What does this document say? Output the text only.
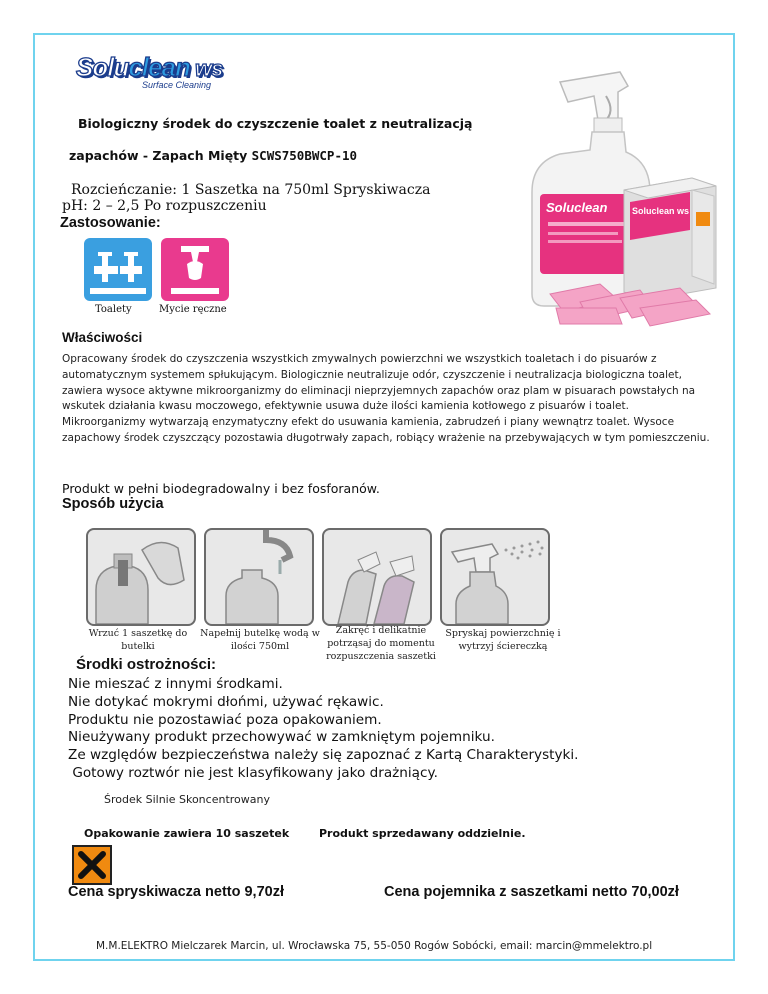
Soluclean ws
Surface Cleaning
Biologiczny środek do czyszczenie toalet z neutralizacją
zapachów - Zapach Mięty SCWS750BWCP-10
Rozcieńczanie: 1 Saszetka na 750ml Spryskiwacza
pH: 2 – 2,5 Po rozpuszczeniu
Zastosowanie:
Soluclean	Soluclean ws
Toalety	Mycie ręczne
Właściwości
Opracowany środek do czyszczenia wszystkich zmywalnych powierzchni we wszystkich toaletach i do pisuarów z automatycznym systemem spłukującym. Biologicznie neutralizuje odór, czyszczenie i neutralizacja biologiczna toalet, zawiera wysoce aktywne mikroorganizmy do eliminacji nieprzyjemnych zapachów oraz plam w pisuarach powstałych na wskutek działania kwasu moczowego, efektywnie usuwa duże ilości kamienia kotłowego z pisuarów i toalet. Mikroorganizmy wytwarzają enzymatyczny efekt do usuwania kamienia, zabrudzeń i piany wewnątrz toalet. Wysoce zapachowy środek czyszczący pozostawia długotrwały zapach, robiący wrażenie na przebywających w tym pomieszczeniu.
Produkt w pełni biodegradowalny i bez fosforanów.
Sposób użycia
Wrzuć 1 saszetkę do butelki
Napełnij butelkę wodą w ilości 750ml
Zakręć i delikatnie potrząsaj do momentu rozpuszczenia saszetki
Spryskaj powierzchnię i wytrzyj ściereczką
Środki ostrożności:
Nie mieszać z innymi środkami.
Nie dotykać mokrymi dłońmi, używać rękawic.
Produktu nie pozostawiać poza opakowaniem.
Nieużywany produkt przechowywać w zamkniętym pojemniku.
Ze względów bezpieczeństwa należy się zapoznać z Kartą Charakterystyki.
Gotowy roztwór nie jest klasyfikowany jako drażniący.
Środek Silnie Skoncentrowany
Opakowanie zawiera 10 saszetek	Produkt sprzedawany oddzielnie.
Cena spryskiwacza netto 9,70zł	Cena pojemnika z saszetkami netto 70,00zł
M.M.ELEKTRO Mielczarek Marcin, ul. Wrocławska 75, 55-050 Rogów Sobócki, email: marcin@mmelektro.pl
